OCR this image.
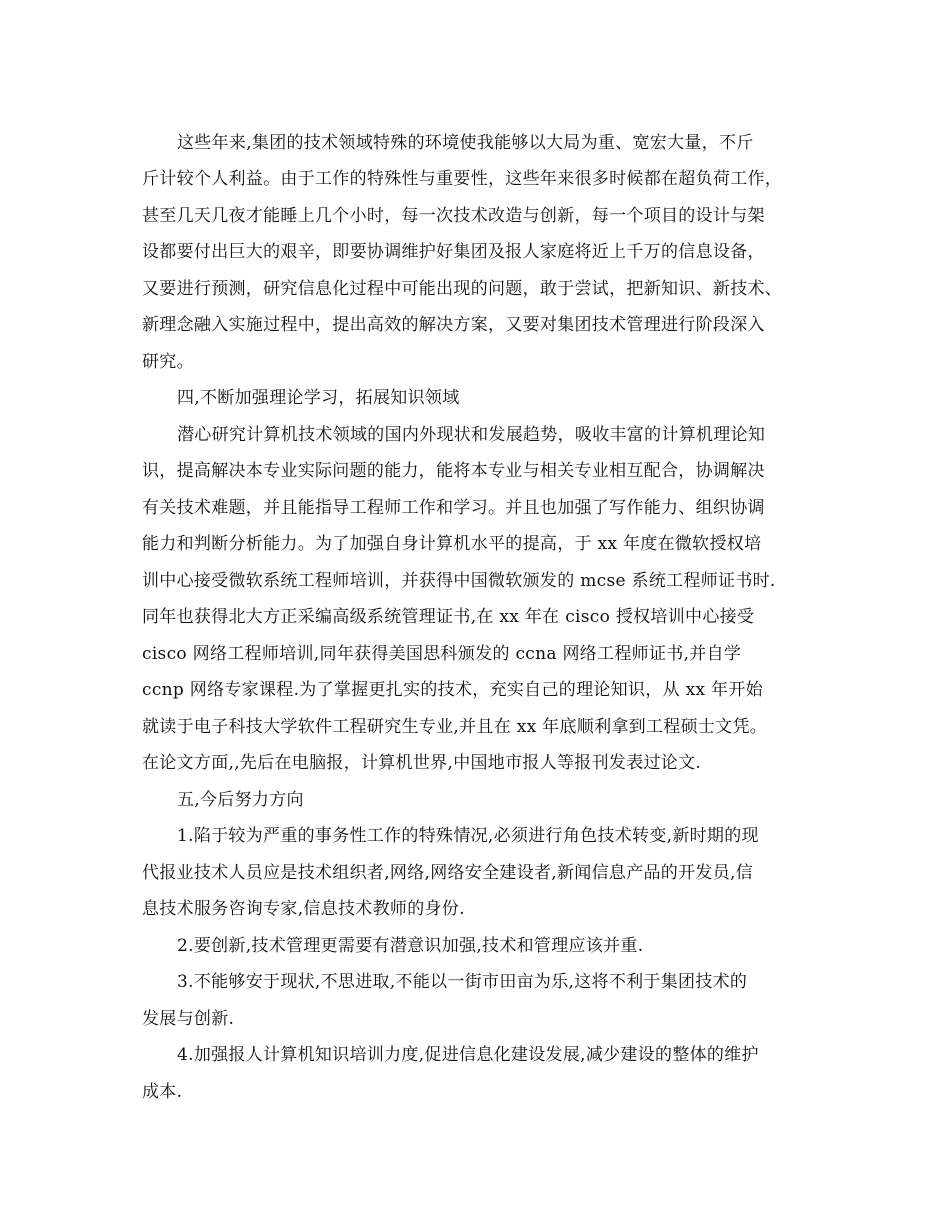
这些年来,集团的技术领域特殊的环境使我能够以大局为重、宽宏大量，不斤
斤计较个人利益。由于工作的特殊性与重要性，这些年来很多时候都在超负荷工作，
甚至几天几夜才能睡上几个小时，每一次技术改造与创新，每一个项目的设计与架
设都要付出巨大的艰辛，即要协调维护好集团及报人家庭将近上千万的信息设备，
又要进行预测，研究信息化过程中可能出现的问题，敢于尝试，把新知识、新技术、
新理念融入实施过程中，提出高效的解决方案，又要对集团技术管理进行阶段深入
研究。
四,不断加强理论学习，拓展知识领域
潜心研究计算机技术领域的国内外现状和发展趋势，吸收丰富的计算机理论知
识，提高解决本专业实际问题的能力，能将本专业与相关专业相互配合，协调解决
有关技术难题，并且能指导工程师工作和学习。并且也加强了写作能力、组织协调
能力和判断分析能力。为了加强自身计算机水平的提高，于 xx 年度在微软授权培
训中心接受微软系统工程师培训，并获得中国微软颁发的 mcse 系统工程师证书时.
同年也获得北大方正采编高级系统管理证书,在 xx 年在 cisco 授权培训中心接受
cisco 网络工程师培训,同年获得美国思科颁发的 ccna 网络工程师证书,并自学
ccnp 网络专家课程.为了掌握更扎实的技术，充实自己的理论知识，从 xx 年开始
就读于电子科技大学软件工程研究生专业,并且在 xx 年底顺利拿到工程硕士文凭。
在论文方面,,先后在电脑报，计算机世界,中国地市报人等报刊发表过论文.
五,今后努力方向
1.陷于较为严重的事务性工作的特殊情况,必须进行角色技术转变,新时期的现
代报业技术人员应是技术组织者,网络,网络安全建设者,新闻信息产品的开发员,信
息技术服务咨询专家,信息技术教师的身份.
2.要创新,技术管理更需要有潜意识加强,技术和管理应该并重.
3.不能够安于现状,不思进取,不能以一街市田亩为乐,这将不利于集团技术的
发展与创新.
4.加强报人计算机知识培训力度,促进信息化建设发展,减少建设的整体的维护
成本.
